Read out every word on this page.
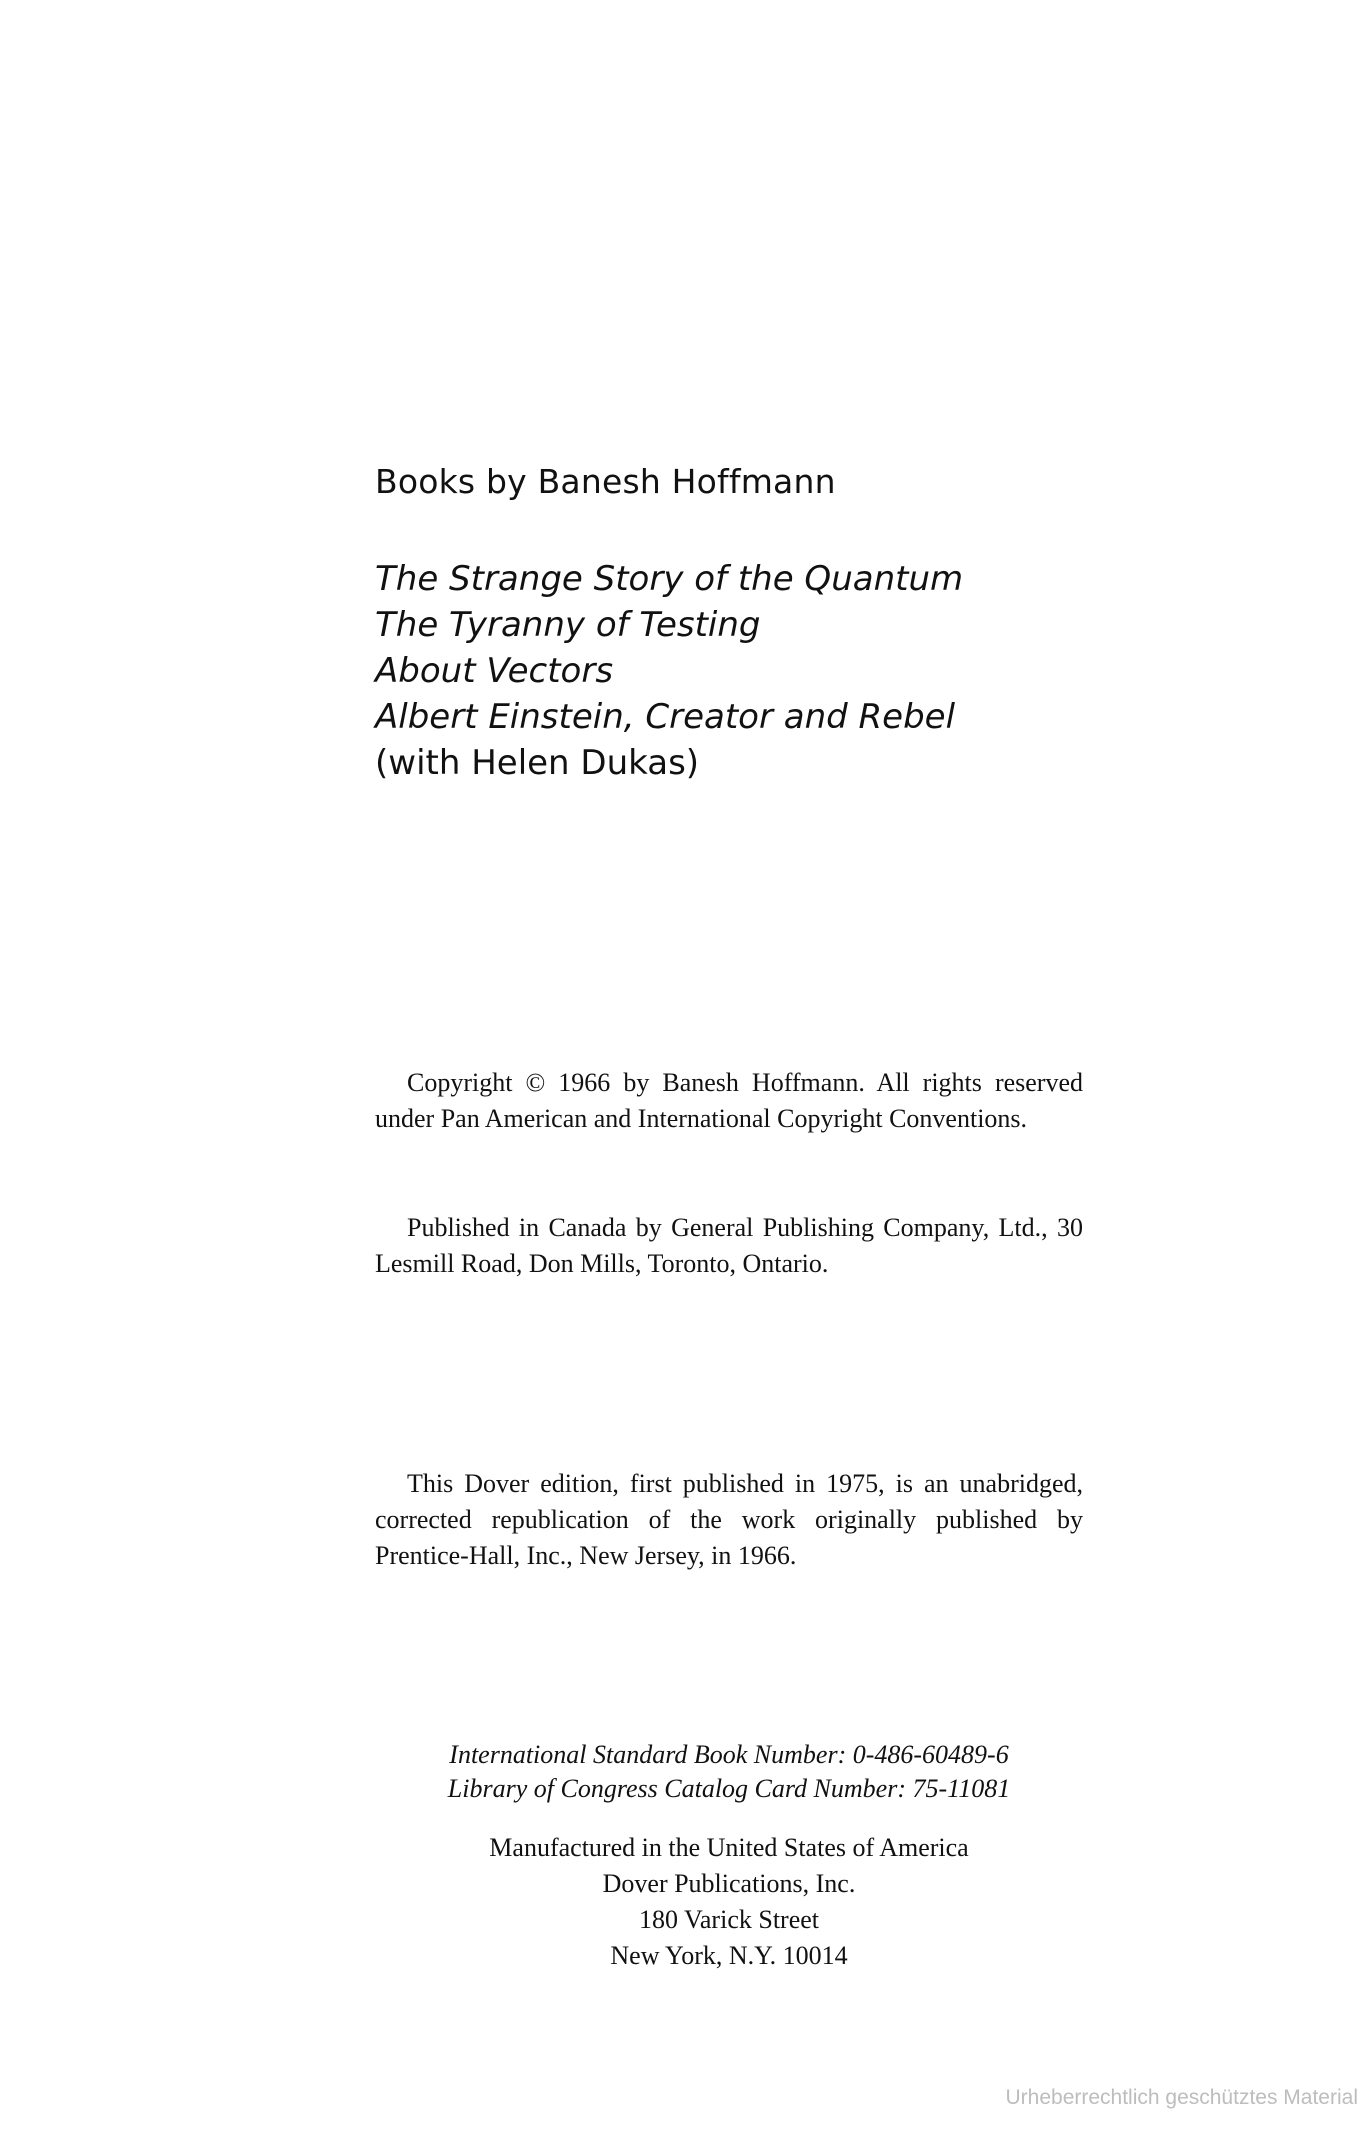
Books by Banesh Hoffmann
The Strange Story of the Quantum
The Tyranny of Testing
About Vectors
Albert Einstein, Creator and Rebel
(with Helen Dukas)

Copyright © 1966 by Banesh Hoffmann. All rights reserved under Pan American and International Copyright Conventions.

Published in Canada by General Publishing Company, Ltd., 30 Lesmill Road, Don Mills, Toronto, Ontario.

This Dover edition, first published in 1975, is an unabridged, corrected republication of the work originally published by Prentice-Hall, Inc., New Jersey, in 1966.

International Standard Book Number: 0-486-60489-6
Library of Congress Catalog Card Number: 75-11081
Manufactured in the United States of America
Dover Publications, Inc.
180 Varick Street
New York, N.Y. 10014
Urheberrechtlich geschütztes Material
